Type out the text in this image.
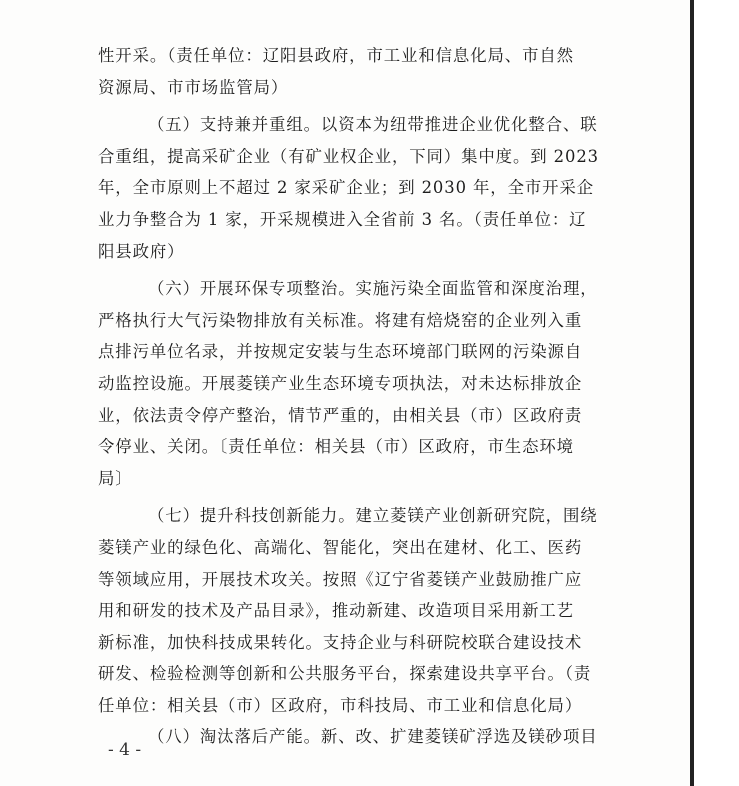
性开采。（责任单位：辽阳县政府，市工业和信息化局、市自然
资源局、市市场监管局）
（五）支持兼并重组。以资本为纽带推进企业优化整合、联
合重组，提高采矿企业（有矿业权企业，下同）集中度。到 2023
年，全市原则上不超过 2 家采矿企业；到 2030 年，全市开采企
业力争整合为 1 家，开采规模进入全省前 3 名。（责任单位：辽
阳县政府）
（六）开展环保专项整治。实施污染全面监管和深度治理，
严格执行大气污染物排放有关标准。将建有焙烧窑的企业列入重
点排污单位名录，并按规定安装与生态环境部门联网的污染源自
动监控设施。开展菱镁产业生态环境专项执法，对未达标排放企
业，依法责令停产整治，情节严重的，由相关县（市）区政府责
令停业、关闭。〔责任单位：相关县（市）区政府，市生态环境
局〕
（七）提升科技创新能力。建立菱镁产业创新研究院，围绕
菱镁产业的绿色化、高端化、智能化，突出在建材、化工、医药
等领域应用，开展技术攻关。按照《辽宁省菱镁产业鼓励推广应
用和研发的技术及产品目录》，推动新建、改造项目采用新工艺
新标准，加快科技成果转化。支持企业与科研院校联合建设技术
研发、检验检测等创新和公共服务平台，探索建设共享平台。（责
任单位：相关县（市）区政府，市科技局、市工业和信息化局）
（八）淘汰落后产能。新、改、扩建菱镁矿浮选及镁砂项目
- 4 -
